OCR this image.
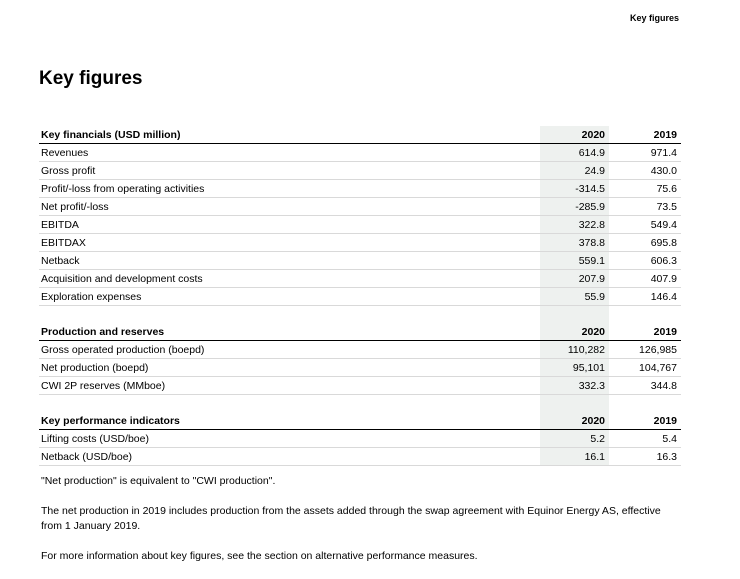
Key figures
Key figures
Key financials (USD million)	2020	2019
Revenues	614.9	971.4
Gross profit	24.9	430.0
Profit/-loss from operating activities	-314.5	75.6
Net profit/-loss	-285.9	73.5
EBITDA	322.8	549.4
EBITDAX	378.8	695.8
Netback	559.1	606.3
Acquisition and development costs	207.9	407.9
Exploration expenses	55.9	146.4

Production and reserves	2020	2019
Gross operated production (boepd)	110,282	126,985
Net production (boepd)	95,101	104,767
CWI 2P reserves (MMboe)	332.3	344.8

Key performance indicators	2020	2019
Lifting costs (USD/boe)	5.2	5.4
Netback (USD/boe)	16.1	16.3

"Net production" is equivalent to "CWI production".

The net production in 2019 includes production from the assets added through the swap agreement with Equinor Energy AS, effective from 1 January 2019.

For more information about key figures, see the section on alternative performance measures.
